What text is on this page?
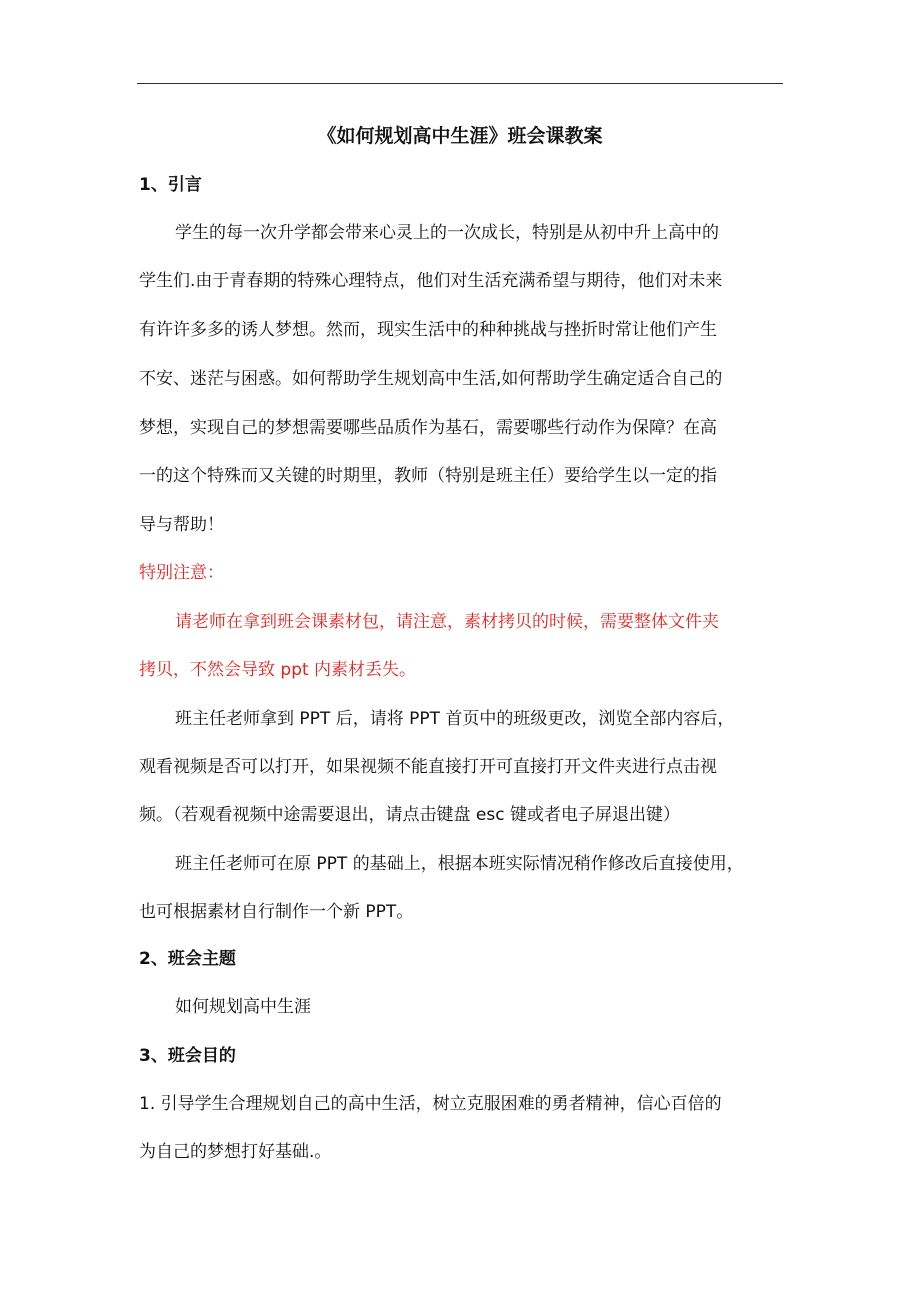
《如何规划高中生涯》班会课教案
1、引言
学生的每一次升学都会带来心灵上的一次成长，特别是从初中升上高中的
学生们.由于青春期的特殊心理特点，他们对生活充满希望与期待，他们对未来
有许许多多的诱人梦想。然而，现实生活中的种种挑战与挫折时常让他们产生
不安、迷茫与困惑。如何帮助学生规划高中生活,如何帮助学生确定适合自己的
梦想，实现自己的梦想需要哪些品质作为基石，需要哪些行动作为保障？在高
一的这个特殊而又关键的时期里，教师（特别是班主任）要给学生以一定的指
导与帮助！
特别注意：
请老师在拿到班会课素材包，请注意，素材拷贝的时候，需要整体文件夹
拷贝，不然会导致 ppt 内素材丢失。
班主任老师拿到 PPT 后，请将 PPT 首页中的班级更改，浏览全部内容后，
观看视频是否可以打开，如果视频不能直接打开可直接打开文件夹进行点击视
频。（若观看视频中途需要退出，请点击键盘 esc 键或者电子屏退出键）
班主任老师可在原 PPT 的基础上，根据本班实际情况稍作修改后直接使用，
也可根据素材自行制作一个新 PPT。
2、班会主题
如何规划高中生涯
3、班会目的
1. 引导学生合理规划自己的高中生活，树立克服困难的勇者精神，信心百倍的
为自己的梦想打好基础.。
